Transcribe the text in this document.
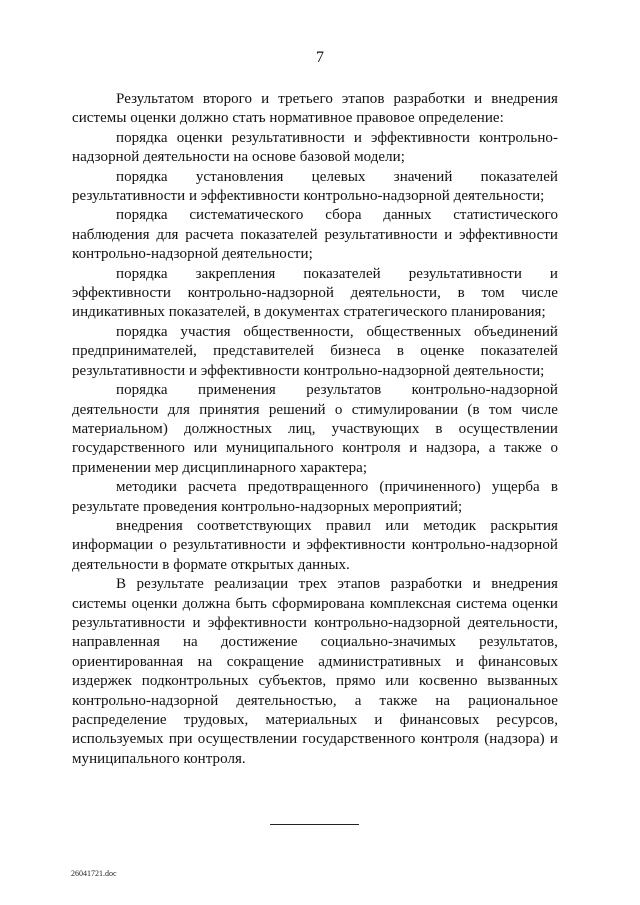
7

Результатом второго и третьего этапов разработки и внедрения системы оценки должно стать нормативное правовое определение:

порядка оценки результативности и эффективности контрольно-надзорной деятельности на основе базовой модели;

порядка установления целевых значений показателей результативности и эффективности контрольно-надзорной деятельности;

порядка систематического сбора данных статистического наблюдения для расчета показателей результативности и эффективности контрольно-надзорной деятельности;

порядка закрепления показателей результативности и эффективности контрольно-надзорной деятельности, в том числе индикативных показателей, в документах стратегического планирования;

порядка участия общественности, общественных объединений предпринимателей, представителей бизнеса в оценке показателей результативности и эффективности контрольно-надзорной деятельности;

порядка применения результатов контрольно-надзорной деятельности для принятия решений о стимулировании (в том числе материальном) должностных лиц, участвующих в осуществлении государственного или муниципального контроля и надзора, а также о применении мер дисциплинарного характера;

методики расчета предотвращенного (причиненного) ущерба в результате проведения контрольно-надзорных мероприятий;

внедрения соответствующих правил или методик раскрытия информации о результативности и эффективности контрольно-надзорной деятельности в формате открытых данных.

В результате реализации трех этапов разработки и внедрения системы оценки должна быть сформирована комплексная система оценки результативности и эффективности контрольно-надзорной деятельности, направленная на достижение социально-значимых результатов, ориентированная на сокращение административных и финансовых издержек подконтрольных субъектов, прямо или косвенно вызванных контрольно-надзорной деятельностью, а также на рациональное распределение трудовых, материальных и финансовых ресурсов, используемых при осуществлении государственного контроля (надзора) и муниципального контроля.

26041721.doc
